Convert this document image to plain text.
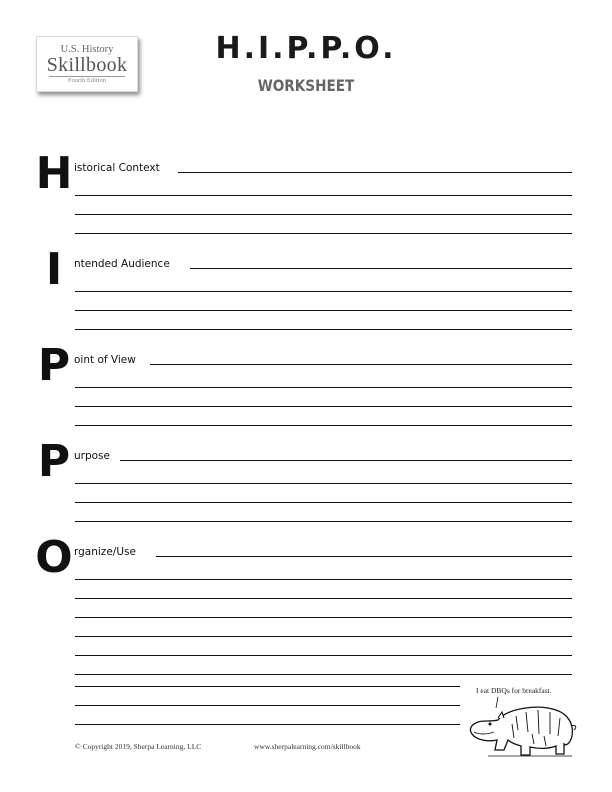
U.S. History
Skillbook
Fourth Edition
H.I.P.P.O.
WORKSHEET
H istorical Context
I	ntended Audience
P oint of View
P urpose
O rganize/Use
© Copyright 2019, Sherpa Learning, LLC	www.sherpalearning.com/skillbook
I eat DBQs for breakfast.
